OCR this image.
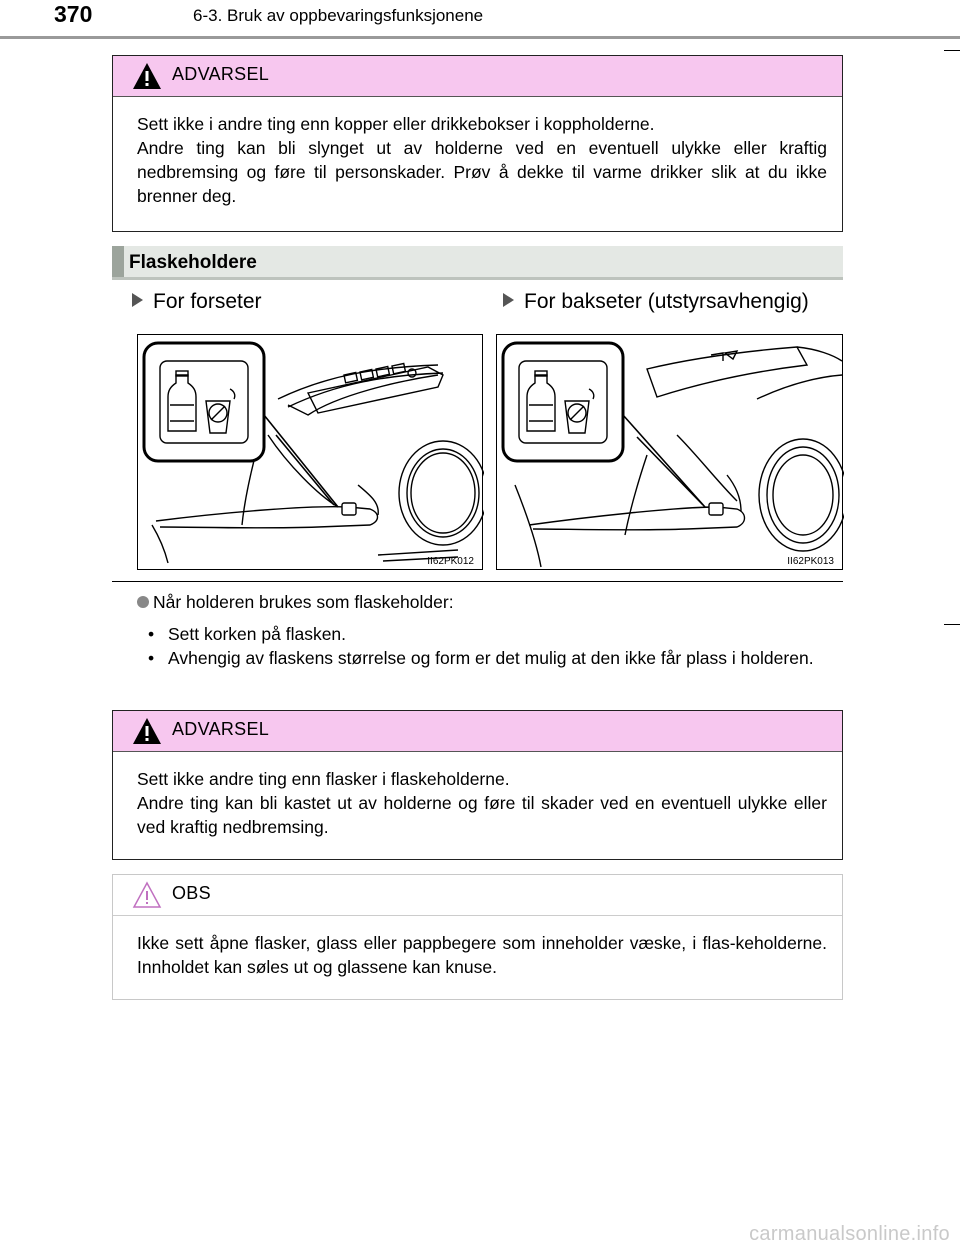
370	6-3. Bruk av oppbevaringsfunksjonene
ADVARSEL

Sett ikke i andre ting enn kopper eller drikkebokser i koppholderne.

Andre ting kan bli slynget ut av holderne ved en eventuell ulykke eller kraftig nedbremsing og føre til personskader. Prøv å dekke til varme drikker slik at du ikke brenner deg.

Flaskeholdere
For forseter	For bakseter (utstyrsavhengig)
II62PK012	II62PK013
Når holderen brukes som flaskeholder:
• Sett korken på flasken.
• Avhengig av flaskens størrelse og form er det mulig at den ikke får plass i holderen.
ADVARSEL

Sett ikke andre ting enn flasker i flaskeholderne.

Andre ting kan bli kastet ut av holderne og føre til skader ved en eventuell ulykke eller ved kraftig nedbremsing.

OBS

Ikke sett åpne flasker, glass eller pappbegere som inneholder væske, i flas-keholderne. Innholdet kan søles ut og glassene kan knuse.

carmanualsonline.info
